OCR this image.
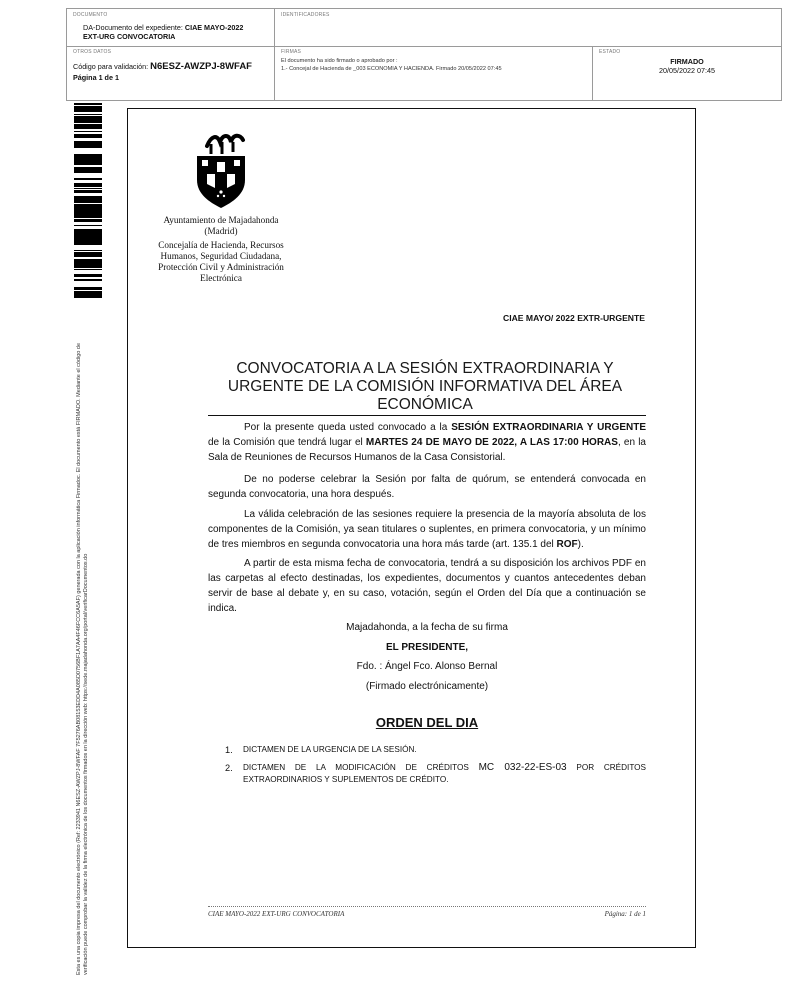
DOCUMENTO
DA-Documento del expediente: CIAE MAYO-2022
EXT-URG CONVOCATORIA
IDENTIFICADORES
OTROS DATOS
Código para validación: N6ESZ-AWZPJ-8WFAF
Página 1 de 1
FIRMAS
El documento ha sido firmado o aprobado por :
1.- Concejal de Hacienda de _003 ECONOMIA Y HACIENDA. Firmado 20/05/2022 07:45
ESTADO
FIRMADO
20/05/2022 07:45
Esta es una copia impresa del documento electrónico (Ref: 2233941 N6ESZ-AWZPJ-8WFAF 7F5276AB08153EDD4A085D0756BF1A7AA4F46FCC6A5AF) generada con la aplicación informática Firmadoc. El documento está FIRMADO. Mediante el código de verificación puede comprobar la validez de la firma electrónica de los documentos firmados en la dirección web: https://sede.majadahonda.org/portal/verificarDocumentos.do
Ayuntamiento de Majadahonda
(Madrid)
Concejalía de Hacienda, Recursos Humanos, Seguridad Ciudadana, Protección Civil y Administración Electrónica
CIAE MAYO/ 2022 EXTR-URGENTE
CONVOCATORIA A LA SESIÓN EXTRAORDINARIA Y URGENTE DE LA COMISIÓN INFORMATIVA DEL ÁREA ECONÓMICA
Por la presente queda usted convocado a la SESIÓN EXTRAORDINARIA Y URGENTE de la Comisión que tendrá lugar el MARTES 24 DE MAYO DE 2022, A LAS 17:00 HORAS, en la Sala de Reuniones de Recursos Humanos de la Casa Consistorial.
De no poderse celebrar la Sesión por falta de quórum, se entenderá convocada en segunda convocatoria, una hora después.
La válida celebración de las sesiones requiere la presencia de la mayoría absoluta de los componentes de la Comisión, ya sean titulares o suplentes, en primera convocatoria, y un mínimo de tres miembros en segunda convocatoria una hora más tarde (art. 135.1 del ROF).
A partir de esta misma fecha de convocatoria, tendrá a su disposición los archivos PDF en las carpetas al efecto destinadas, los expedientes, documentos y cuantos antecedentes deban servir de base al debate y, en su caso, votación, según el Orden del Día que a continuación se indica.
Majadahonda, a la fecha de su firma
EL PRESIDENTE,
Fdo. : Ángel Fco. Alonso Bernal
(Firmado electrónicamente)
ORDEN DEL DIA
1. DICTAMEN DE LA URGENCIA DE LA SESIÓN.
2. DICTAMEN DE LA MODIFICACIÓN DE CRÉDITOS MC 032-22-ES-03 POR CRÉDITOS EXTRAORDINARIOS Y SUPLEMENTOS DE CRÉDITO.
CIAE MAYO-2022 EXT-URG CONVOCATORIA	Página: 1 de 1
